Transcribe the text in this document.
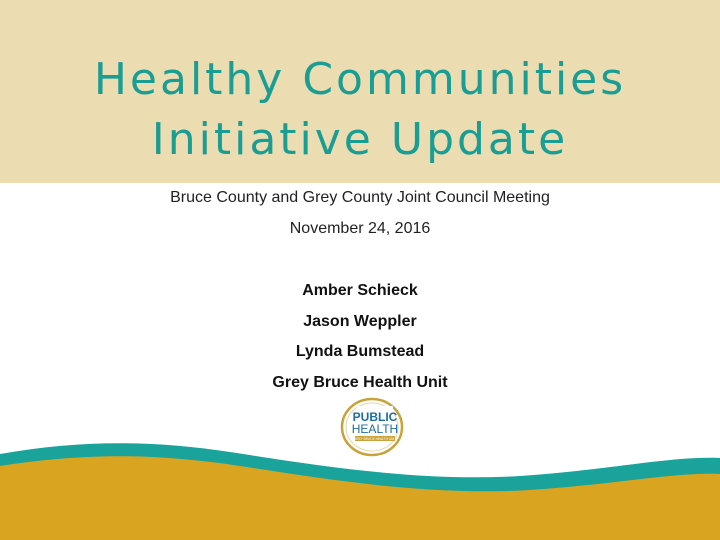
Healthy Communities
Initiative Update
Bruce County and Grey County Joint Council Meeting
November 24, 2016
Amber Schieck
Jason Weppler
Lynda Bumstead
Grey Bruce Health Unit
PUBLIC
HEALTH
GREY BRUCE HEALTH UNIT
